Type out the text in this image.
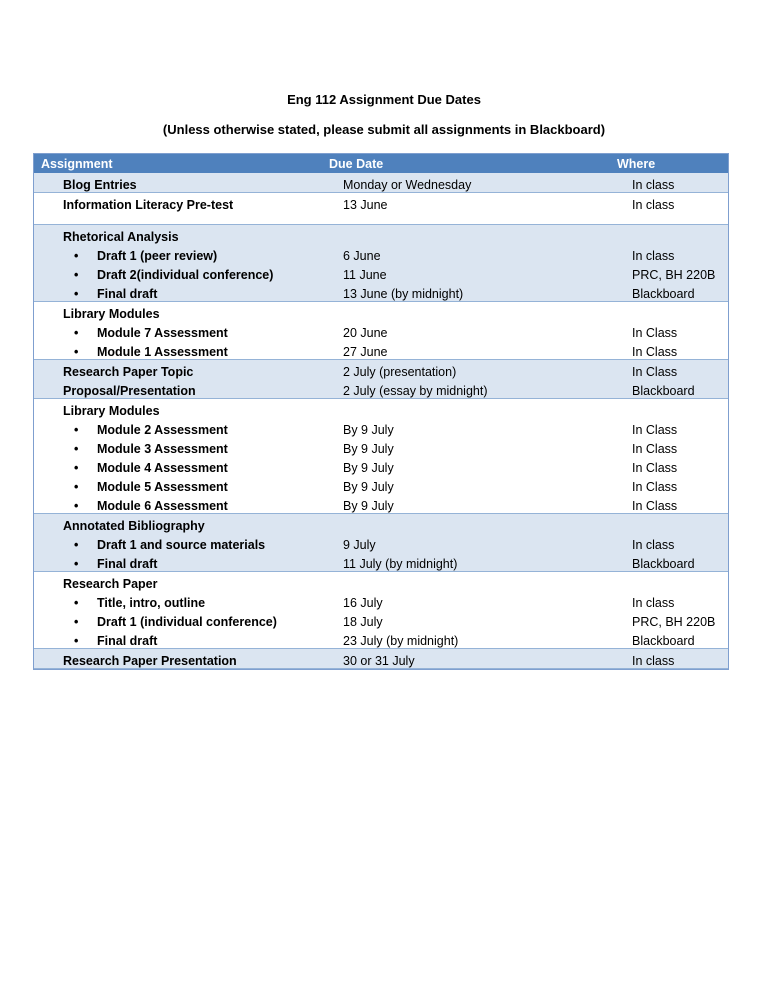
Eng 112 Assignment Due Dates
(Unless otherwise stated, please submit all assignments in Blackboard)
Assignment	Due Date	Where
Blog Entries	Monday or Wednesday	In class
Information Literacy Pre-test	13 June	In class
Rhetorical Analysis
• Draft 1 (peer review)	6 June	In class
• Draft 2(individual conference)	11 June	PRC, BH 220B
• Final draft	13 June (by midnight)	Blackboard
Library Modules
• Module 7 Assessment	20 June	In Class
• Module 1 Assessment	27 June	In Class
Research Paper Topic	2 July (presentation)	In Class
Proposal/Presentation	2 July (essay by midnight)	Blackboard
Library Modules
• Module 2 Assessment	By 9 July	In Class
• Module 3 Assessment	By 9 July	In Class
• Module 4 Assessment	By 9 July	In Class
• Module 5 Assessment	By 9 July	In Class
• Module 6 Assessment	By 9 July	In Class
Annotated Bibliography
• Draft 1 and source materials	9 July	In class
• Final draft	11 July (by midnight)	Blackboard
Research Paper
• Title, intro, outline	16 July	In class
• Draft 1 (individual conference)	18 July	PRC, BH 220B
• Final draft	23 July (by midnight)	Blackboard
Research Paper Presentation	30 or 31 July	In class
